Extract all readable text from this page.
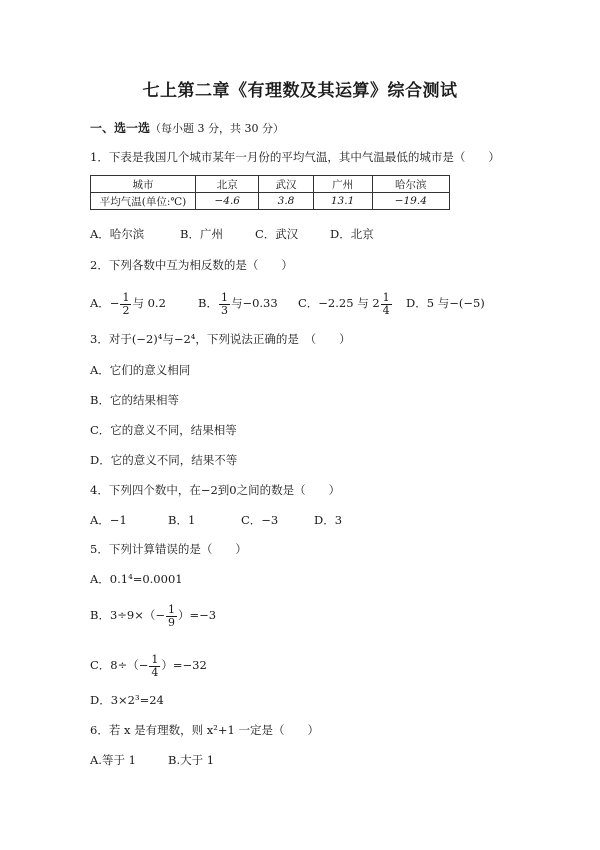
七上第二章《有理数及其运算》综合测试
一、选一选（每小题 3 分，共 30 分）
1．下表是我国几个城市某年一月份的平均气温，其中气温最低的城市是（　　）
城市	北京	武汉	广州	哈尔滨
平均气温(单位:℃)	−4.6	3.8	13.1	−19.4
A．哈尔滨	B．广州	C．武汉	D．北京
2．下列各数中互为相反数的是（　　）
A．− $\frac{1}{2}$ 与 0.2	B． $\frac{1}{3}$ 与−0.33 C．−2.25 与 $2 \frac{1}{4}$ D．5 与−(−5)
3．对于(−2)⁴与−2⁴，下列说法正确的是　（　　）
A．它们的意义相同
B．它的结果相等
C．它的意义不同，结果相等
D．它的意义不同，结果不等
4．下列四个数中，在−2到0之间的数是（　　）
A．−1	B．1	C．−3	D．3
5．下列计算错误的是（　　）
A．0.1⁴=0.0001
B．$3\div 9\times(- \frac{1}{9} )=-3$
C．$8\div(- \frac{1}{4} )=-32$
D．3×2³=24
6．若 x 是有理数，则 x²+1 一定是（　　）
A.等于 1	B.大于 1
